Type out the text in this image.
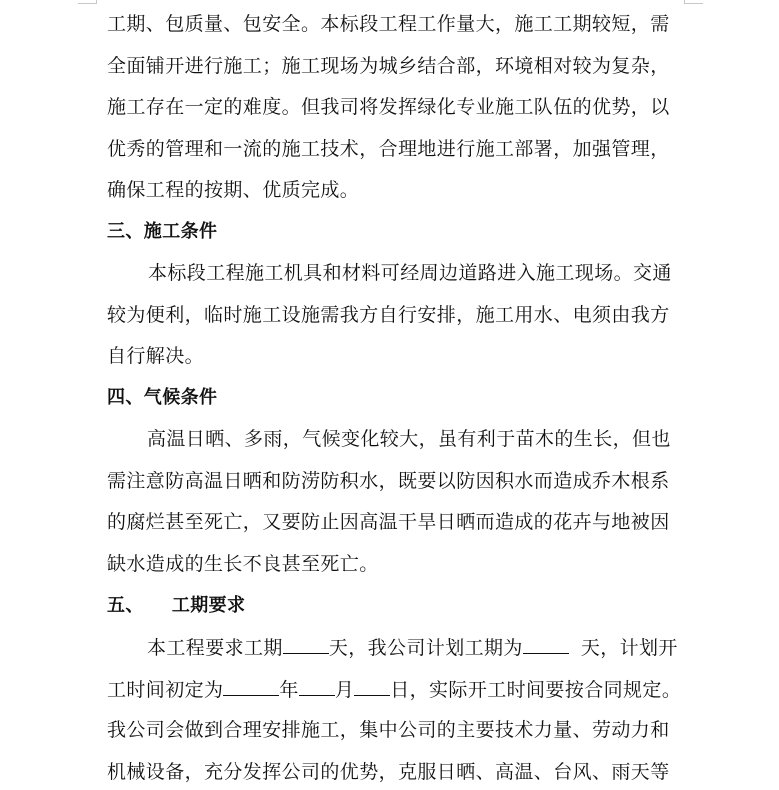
工期、包质量、包安全。本标段工程工作量大，施工工期较短，需
全面铺开进行施工；施工现场为城乡结合部，环境相对较为复杂，
施工存在一定的难度。但我司将发挥绿化专业施工队伍的优势，以
优秀的管理和一流的施工技术，合理地进行施工部署，加强管理，
确保工程的按期、优质完成。
三、施工条件
本标段工程施工机具和材料可经周边道路进入施工现场。交通
较为便利，临时施工设施需我方自行安排，施工用水、电须由我方
自行解决。
四、气候条件
高温日晒、多雨，气候变化较大，虽有利于苗木的生长，但也
需注意防高温日晒和防涝防积水，既要以防因积水而造成乔木根系
的腐烂甚至死亡，又要防止因高温干旱日晒而造成的花卉与地被因
缺水造成的生长不良甚至死亡。
五、 工期要求
本工程要求工期 天，我公司计划工期为	天，计划开
工时间初定为	年 月 日，实际开工时间要按合同规定。
我公司会做到合理安排施工，集中公司的主要技术力量、劳动力和
机械设备，充分发挥公司的优势，克服日晒、高温、台风、雨天等
